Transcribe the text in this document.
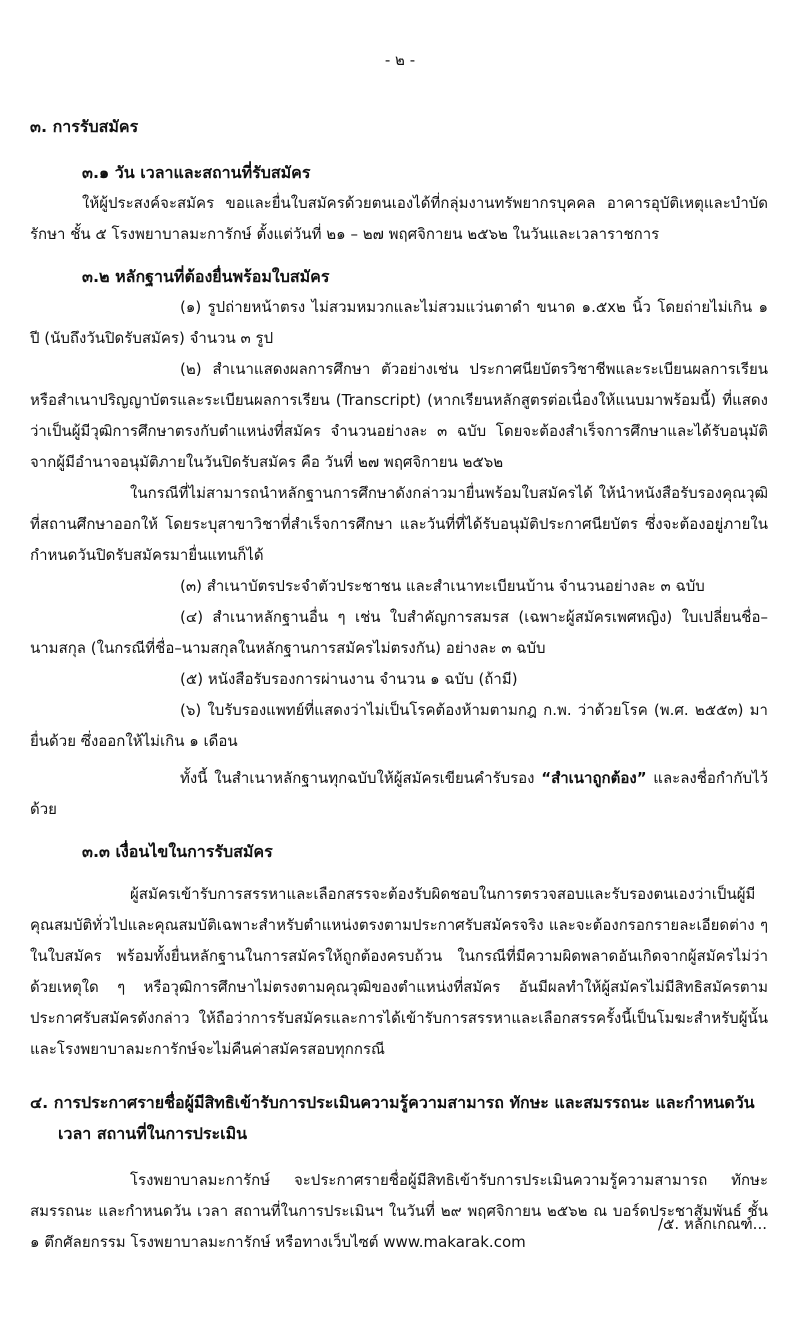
- ๒ -

๓. การรับสมัคร

๓.๑ วัน เวลาและสถานที่รับสมัคร

ให้ผู้ประสงค์จะสมัคร ขอและยื่นใบสมัครด้วยตนเองได้ที่กลุ่มงานทรัพยากรบุคคล อาคารอุบัติเหตุและบำบัดรักษา ชั้น ๕ โรงพยาบาลมะการักษ์ ตั้งแต่วันที่ ๒๑ – ๒๗ พฤศจิกายน ๒๕๖๒ ในวันและเวลาราชการ

๓.๒ หลักฐานที่ต้องยื่นพร้อมใบสมัคร

(๑) รูปถ่ายหน้าตรง ไม่สวมหมวกและไม่สวมแว่นตาดำ ขนาด ๑.๕x๒ นิ้ว โดยถ่ายไม่เกิน ๑ ปี (นับถึงวันปิดรับสมัคร) จำนวน ๓ รูป

(๒) สำเนาแสดงผลการศึกษา ตัวอย่างเช่น ประกาศนียบัตรวิชาชีพและระเบียนผลการเรียน หรือสำเนาปริญญาบัตรและระเบียนผลการเรียน (Transcript) (หากเรียนหลักสูตรต่อเนื่องให้แนบมาพร้อมนี้) ที่แสดงว่าเป็นผู้มีวุฒิการศึกษาตรงกับตำแหน่งที่สมัคร จำนวนอย่างละ ๓ ฉบับ โดยจะต้องสำเร็จการศึกษาและได้รับอนุมัติจากผู้มีอำนาจอนุมัติภายในวันปิดรับสมัคร คือ วันที่ ๒๗ พฤศจิกายน ๒๕๖๒

ในกรณีที่ไม่สามารถนำหลักฐานการศึกษาดังกล่าวมายื่นพร้อมใบสมัครได้ ให้นำหนังสือรับรองคุณวุฒิที่สถานศึกษาออกให้ โดยระบุสาขาวิชาที่สำเร็จการศึกษา และวันที่ที่ได้รับอนุมัติประกาศนียบัตร ซึ่งจะต้องอยู่ภายในกำหนดวันปิดรับสมัครมายื่นแทนก็ได้

(๓) สำเนาบัตรประจำตัวประชาชน และสำเนาทะเบียนบ้าน จำนวนอย่างละ ๓ ฉบับ

(๔) สำเนาหลักฐานอื่น ๆ เช่น ใบสำคัญการสมรส (เฉพาะผู้สมัครเพศหญิง) ใบเปลี่ยนชื่อ–นามสกุล (ในกรณีที่ชื่อ–นามสกุลในหลักฐานการสมัครไม่ตรงกัน) อย่างละ ๓ ฉบับ

(๕) หนังสือรับรองการผ่านงาน จำนวน ๑ ฉบับ (ถ้ามี)

(๖) ใบรับรองแพทย์ที่แสดงว่าไม่เป็นโรคต้องห้ามตามกฎ ก.พ. ว่าด้วยโรค (พ.ศ. ๒๕๕๓) มายื่นด้วย ซึ่งออกให้ไม่เกิน ๑ เดือน

ทั้งนี้ ในสำเนาหลักฐานทุกฉบับให้ผู้สมัครเขียนคำรับรอง “สำเนาถูกต้อง” และลงชื่อกำกับไว้ด้วย

๓.๓ เงื่อนไขในการรับสมัคร

ผู้สมัครเข้ารับการสรรหาและเลือกสรรจะต้องรับผิดชอบในการตรวจสอบและรับรองตนเองว่าเป็นผู้มีคุณสมบัติทั่วไปและคุณสมบัติเฉพาะสำหรับตำแหน่งตรงตามประกาศรับสมัครจริง และจะต้องกรอกรายละเอียดต่าง ๆ ในใบสมัคร พร้อมทั้งยื่นหลักฐานในการสมัครให้ถูกต้องครบถ้วน ในกรณีที่มีความผิดพลาดอันเกิดจากผู้สมัครไม่ว่าด้วยเหตุใด ๆ หรือวุฒิการศึกษาไม่ตรงตามคุณวุฒิของตำแหน่งที่สมัคร อันมีผลทำให้ผู้สมัครไม่มีสิทธิสมัครตามประกาศรับสมัครดังกล่าว ให้ถือว่าการรับสมัครและการได้เข้ารับการสรรหาและเลือกสรรครั้งนี้เป็นโมฆะสำหรับผู้นั้น และโรงพยาบาลมะการักษ์จะไม่คืนค่าสมัครสอบทุกกรณี

๔. การประกาศรายชื่อผู้มีสิทธิเข้ารับการประเมินความรู้ความสามารถ ทักษะ และสมรรถนะ และกำหนดวัน เวลา สถานที่ในการประเมิน

โรงพยาบาลมะการักษ์ จะประกาศรายชื่อผู้มีสิทธิเข้ารับการประเมินความรู้ความสามารถ ทักษะ สมรรถนะ และกำหนดวัน เวลา สถานที่ในการประเมินฯ ในวันที่ ๒๙ พฤศจิกายน ๒๕๖๒ ณ บอร์ดประชาสัมพันธ์ ชั้น ๑ ตึกศัลยกรรม โรงพยาบาลมะการักษ์ หรือทางเว็บไซต์ www.makarak.com

/๕. หลักเกณฑ์...
